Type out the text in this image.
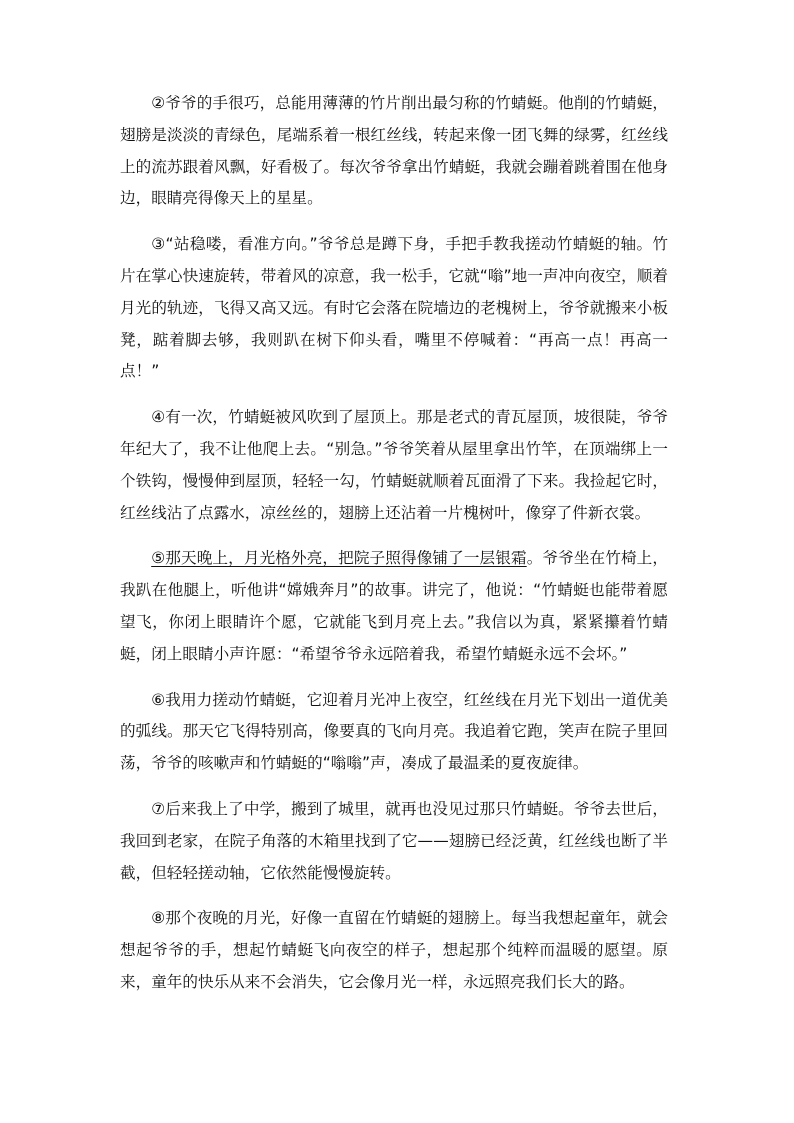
②爷爷的手很巧，总能用薄薄的竹片削出最匀称的竹蜻蜓。他削的竹蜻蜓，翅膀是淡淡的青绿色，尾端系着一根红丝线，转起来像一团飞舞的绿雾，红丝线上的流苏跟着风飘，好看极了。每次爷爷拿出竹蜻蜓，我就会蹦着跳着围在他身边，眼睛亮得像天上的星星。

③“站稳喽，看准方向。”爷爷总是蹲下身，手把手教我搓动竹蜻蜓的轴。竹片在掌心快速旋转，带着风的凉意，我一松手，它就“嗡”地一声冲向夜空，顺着月光的轨迹，飞得又高又远。有时它会落在院墙边的老槐树上，爷爷就搬来小板凳，踮着脚去够，我则趴在树下仰头看，嘴里不停喊着：“再高一点！再高一点！”

④有一次，竹蜻蜓被风吹到了屋顶上。那是老式的青瓦屋顶，坡很陡，爷爷年纪大了，我不让他爬上去。“别急。”爷爷笑着从屋里拿出竹竿，在顶端绑上一个铁钩，慢慢伸到屋顶，轻轻一勾，竹蜻蜓就顺着瓦面滑了下来。我捡起它时，红丝线沾了点露水，凉丝丝的，翅膀上还沾着一片槐树叶，像穿了件新衣裳。

⑤那天晚上，月光格外亮，把院子照得像铺了一层银霜。爷爷坐在竹椅上，我趴在他腿上，听他讲“嫦娥奔月”的故事。讲完了，他说：“竹蜻蜓也能带着愿望飞，你闭上眼睛许个愿，它就能飞到月亮上去。”我信以为真，紧紧攥着竹蜻蜓，闭上眼睛小声许愿：“希望爷爷永远陪着我，希望竹蜻蜓永远不会坏。”

⑥我用力搓动竹蜻蜓，它迎着月光冲上夜空，红丝线在月光下划出一道优美的弧线。那天它飞得特别高，像要真的飞向月亮。我追着它跑，笑声在院子里回荡，爷爷的咳嗽声和竹蜻蜓的“嗡嗡”声，凑成了最温柔的夏夜旋律。

⑦后来我上了中学，搬到了城里，就再也没见过那只竹蜻蜓。爷爷去世后，我回到老家，在院子角落的木箱里找到了它——翅膀已经泛黄，红丝线也断了半截，但轻轻搓动轴，它依然能慢慢旋转。

⑧那个夜晚的月光，好像一直留在竹蜻蜓的翅膀上。每当我想起童年，就会想起爷爷的手，想起竹蜻蜓飞向夜空的样子，想起那个纯粹而温暖的愿望。原来，童年的快乐从来不会消失，它会像月光一样，永远照亮我们长大的路。
